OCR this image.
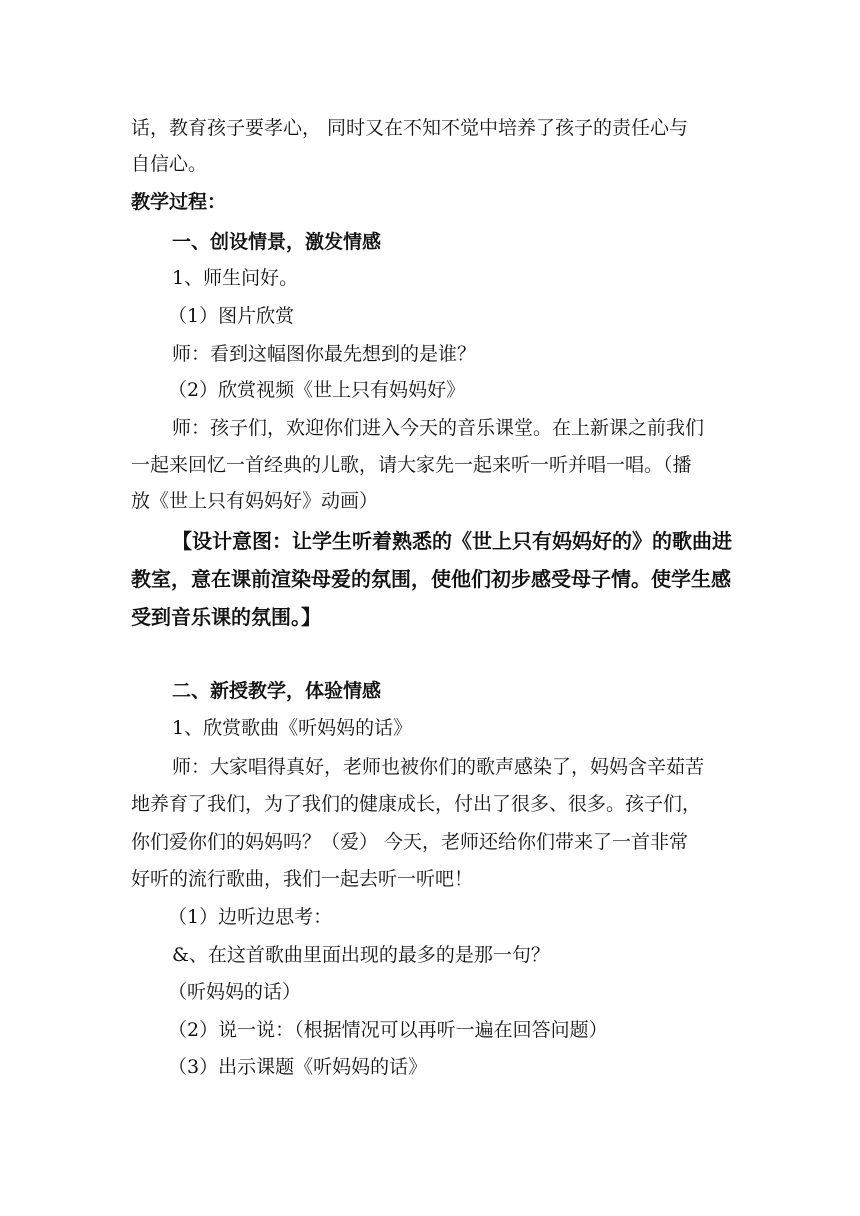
话，教育孩子要孝心， 同时又在不知不觉中培养了孩子的责任心与
自信心。
教学过程：
一、创设情景，激发情感
1、师生问好。
（1）图片欣赏
师：看到这幅图你最先想到的是谁？
（2）欣赏视频《世上只有妈妈好》
师：孩子们，欢迎你们进入今天的音乐课堂。在上新课之前我们
一起来回忆一首经典的儿歌，请大家先一起来听一听并唱一唱。（播
放《世上只有妈妈好》动画）
【设计意图：让学生听着熟悉的《世上只有妈妈好的》的歌曲进
教室，意在课前渲染母爱的氛围，使他们初步感受母子情。使学生感
受到音乐课的氛围。】
二、新授教学，体验情感
1、欣赏歌曲《听妈妈的话》
师：大家唱得真好，老师也被你们的歌声感染了，妈妈含辛茹苦
地养育了我们，为了我们的健康成长，付出了很多、很多。孩子们，
你们爱你们的妈妈吗？（爱） 今天，老师还给你们带来了一首非常
好听的流行歌曲，我们一起去听一听吧！
（1）边听边思考：
&、在这首歌曲里面出现的最多的是那一句？
（听妈妈的话）
（2）说一说：（根据情况可以再听一遍在回答问题）
（3）出示课题《听妈妈的话》
